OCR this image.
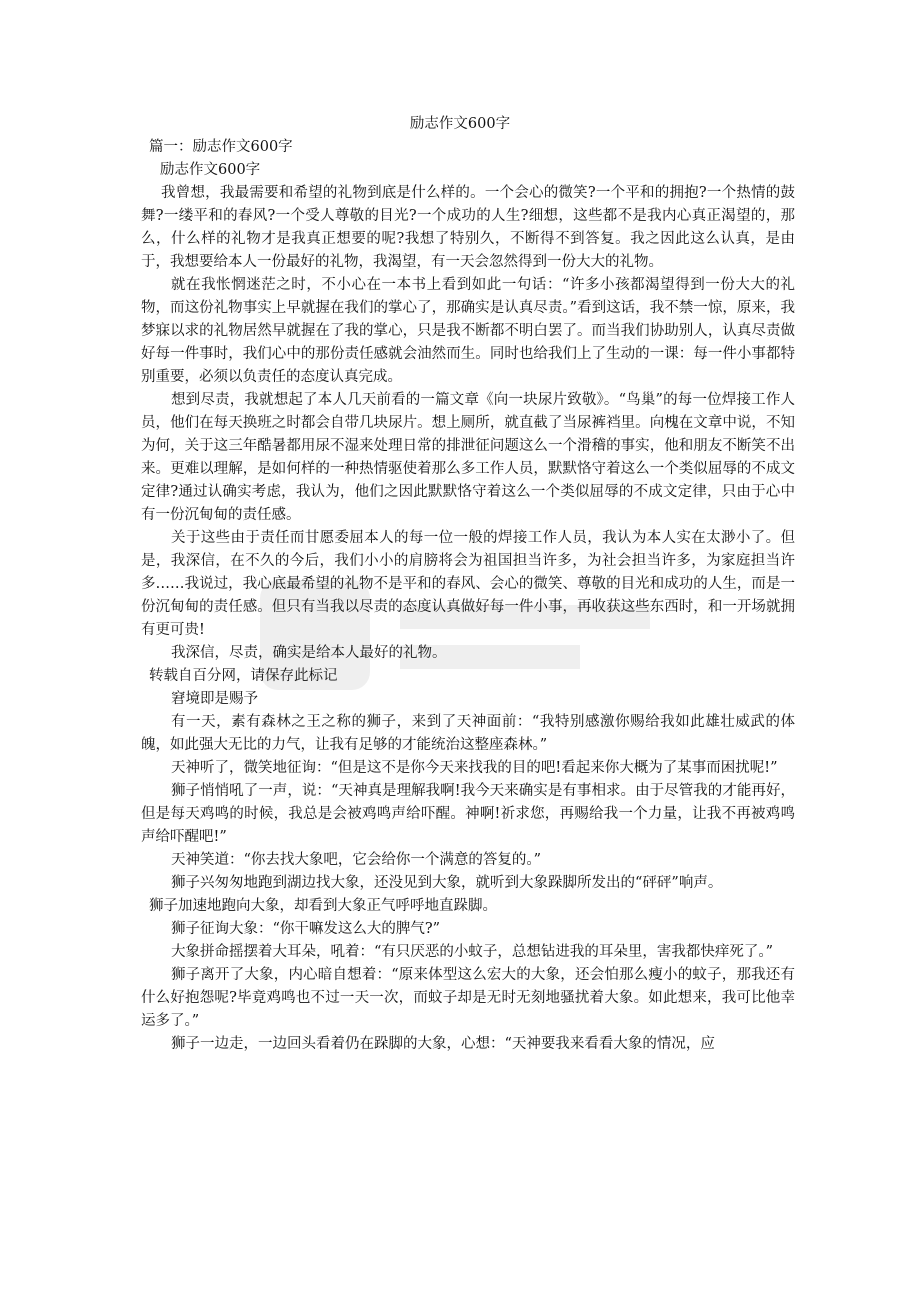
励志作文600字

篇一：励志作文600字

励志作文600字

我曾想，我最需要和希望的礼物到底是什么样的。一个会心的微笑?一个平和的拥抱?一个热情的鼓舞?一缕平和的春风?一个受人尊敬的目光?一个成功的人生?细想，这些都不是我内心真正渴望的，那么，什么样的礼物才是我真正想要的呢?我想了特别久，不断得不到答复。我之因此这么认真，是由于，我想要给本人一份最好的礼物，我渴望，有一天会忽然得到一份大大的礼物。

就在我怅惘迷茫之时，不小心在一本书上看到如此一句话：“许多小孩都渴望得到一份大大的礼物，而这份礼物事实上早就握在我们的掌心了，那确实是认真尽责。”看到这话，我不禁一惊，原来，我梦寐以求的礼物居然早就握在了我的掌心，只是我不断都不明白罢了。而当我们协助别人，认真尽责做好每一件事时，我们心中的那份责任感就会油然而生。同时也给我们上了生动的一课：每一件小事都特别重要，必须以负责任的态度认真完成。

想到尽责，我就想起了本人几天前看的一篇文章《向一块尿片致敬》。“鸟巢”的每一位焊接工作人员，他们在每天换班之时都会自带几块尿片。想上厕所，就直截了当尿裤裆里。向槐在文章中说，不知为何，关于这三年酷暑都用尿不湿来处理日常的排泄征问题这么一个滑稽的事实，他和朋友不断笑不出来。更难以理解，是如何样的一种热情驱使着那么多工作人员，默默恪守着这么一个类似屈辱的不成文定律?通过认确实考虑，我认为，他们之因此默默恪守着这么一个类似屈辱的不成文定律，只由于心中有一份沉甸甸的责任感。

关于这些由于责任而甘愿委屈本人的每一位一般的焊接工作人员，我认为本人实在太渺小了。但是，我深信，在不久的今后，我们小小的肩膀将会为祖国担当许多，为社会担当许多，为家庭担当许多……我说过，我心底最希望的礼物不是平和的春风、会心的微笑、尊敬的目光和成功的人生，而是一份沉甸甸的责任感。但只有当我以尽责的态度认真做好每一件小事，再收获这些东西时，和一开场就拥有更可贵!

我深信，尽责，确实是给本人最好的礼物。

转载自百分网，请保存此标记

窘境即是赐予

有一天，素有森林之王之称的狮子，来到了天神面前：“我特别感激你赐给我如此雄壮威武的体魄，如此强大无比的力气，让我有足够的才能统治这整座森林。”

天神听了，微笑地征询：“但是这不是你今天来找我的目的吧!看起来你大概为了某事而困扰呢!”

狮子悄悄吼了一声，说：“天神真是理解我啊!我今天来确实是有事相求。由于尽管我的才能再好，但是每天鸡鸣的时候，我总是会被鸡鸣声给吓醒。神啊!祈求您，再赐给我一个力量，让我不再被鸡鸣声给吓醒吧!”

天神笑道：“你去找大象吧，它会给你一个满意的答复的。”

狮子兴匆匆地跑到湖边找大象，还没见到大象，就听到大象跺脚所发出的“砰砰”响声。

狮子加速地跑向大象，却看到大象正气呼呼地直跺脚。

狮子征询大象：“你干嘛发这么大的脾气?”

大象拼命摇摆着大耳朵，吼着：“有只厌恶的小蚊子，总想钻进我的耳朵里，害我都快痒死了。”

狮子离开了大象，内心暗自想着：“原来体型这么宏大的大象，还会怕那么瘦小的蚊子，那我还有什么好抱怨呢?毕竟鸡鸣也不过一天一次，而蚊子却是无时无刻地骚扰着大象。如此想来，我可比他幸运多了。”

狮子一边走，一边回头看着仍在跺脚的大象，心想：“天神要我来看看大象的情况，应
